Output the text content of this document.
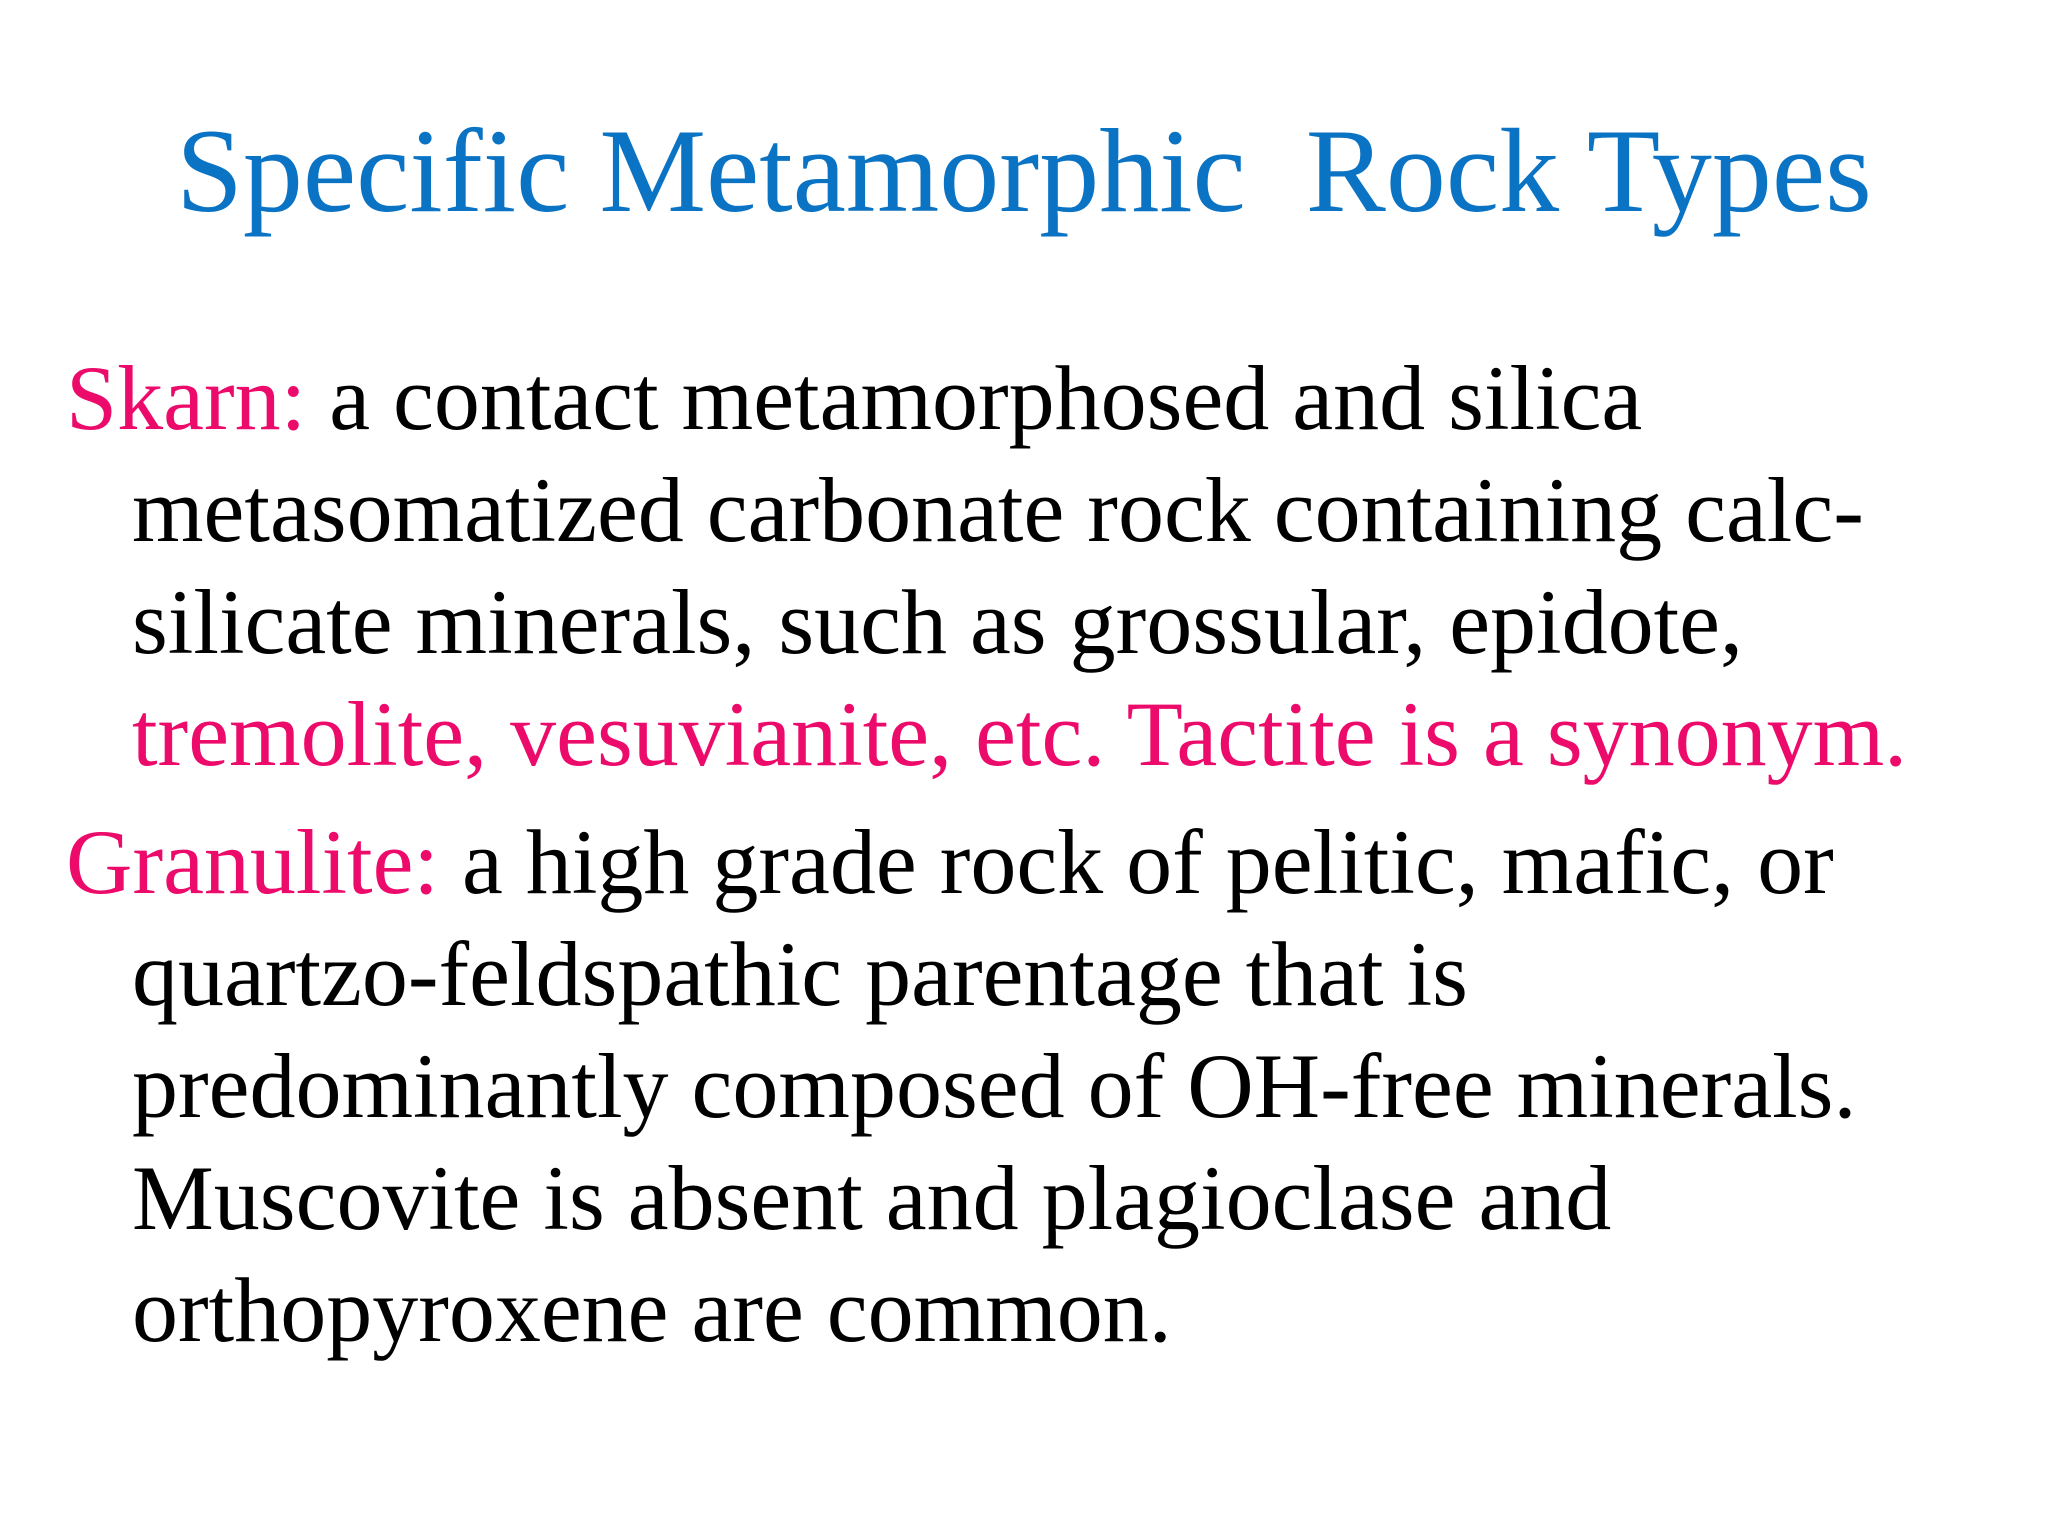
Specific Metamorphic  Rock Types
Skarn: a contact metamorphosed and silica
metasomatized carbonate rock containing calc-
silicate minerals, such as grossular, epidote,
tremolite, vesuvianite, etc. Tactite is a synonym.
Granulite: a high grade rock of pelitic, mafic, or
quartzo-feldspathic parentage that is
predominantly composed of OH-free minerals.
Muscovite is absent and plagioclase and
orthopyroxene are common.
